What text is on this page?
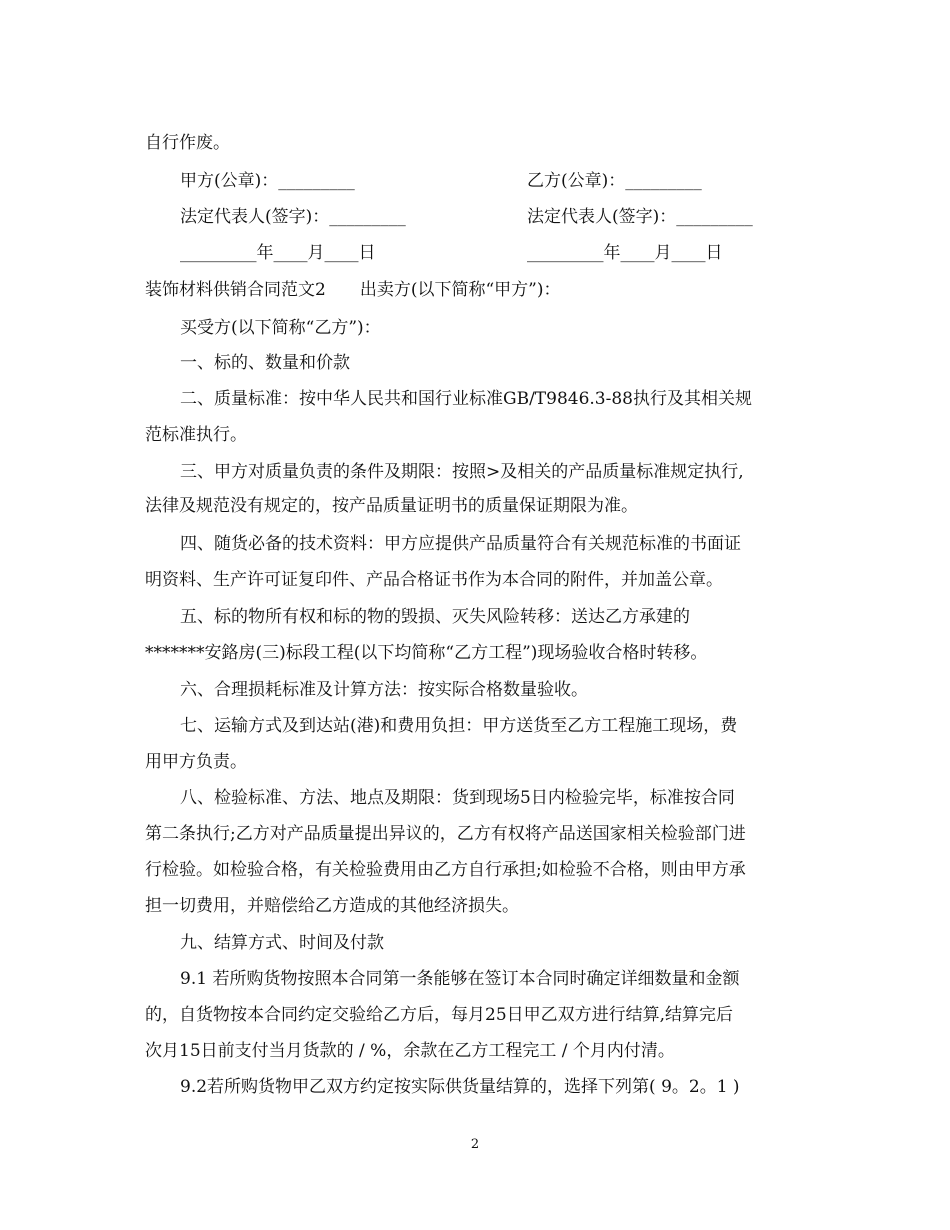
自行作废。
甲方(公章)：_________	乙方(公章)：_________
法定代表人(签字)：_________	法定代表人(签字)：_________
_________年____月____日	_________年____月____日
装饰材料供销合同范文2　　出卖方(以下简称“甲方”)：
买受方(以下简称“乙方”)：
一、标的、数量和价款
二、质量标准：按中华人民共和国行业标准GB/T9846.3-88执行及其相关规
范标准执行。
三、甲方对质量负责的条件及期限：按照>及相关的产品质量标准规定执行,
法律及规范没有规定的，按产品质量证明书的质量保证期限为准。
四、随货必备的技术资料：甲方应提供产品质量符合有关规范标准的书面证
明资料、生产许可证复印件、产品合格证书作为本合同的附件，并加盖公章。
五、标的物所有权和标的物的毁损、灭失风险转移：送达乙方承建的
*******安鉻房(三)标段工程(以下均简称“乙方工程”)现场验收合格时转移。
六、合理损耗标准及计算方法：按实际合格数量验收。
七、运输方式及到达站(港)和费用负担：甲方送货至乙方工程施工现场，费
用甲方负责。
八、检验标准、方法、地点及期限：货到现场5日内检验完毕，标准按合同
第二条执行;乙方对产品质量提出异议的，乙方有权将产品送国家相关检验部门进
行检验。如检验合格，有关检验费用由乙方自行承担;如检验不合格，则由甲方承
担一切费用，并赔偿给乙方造成的其他经济损失。
九、结算方式、时间及付款
9.1 若所购货物按照本合同第一条能够在签订本合同时确定详细数量和金额
的，自货物按本合同约定交验给乙方后，每月25日甲乙双方进行结算,结算完后
次月15日前支付当月货款的 / %，余款在乙方工程完工 / 个月内付清。
9.2若所购货物甲乙双方约定按实际供货量结算的，选择下列第( 9。2。1 )
2
